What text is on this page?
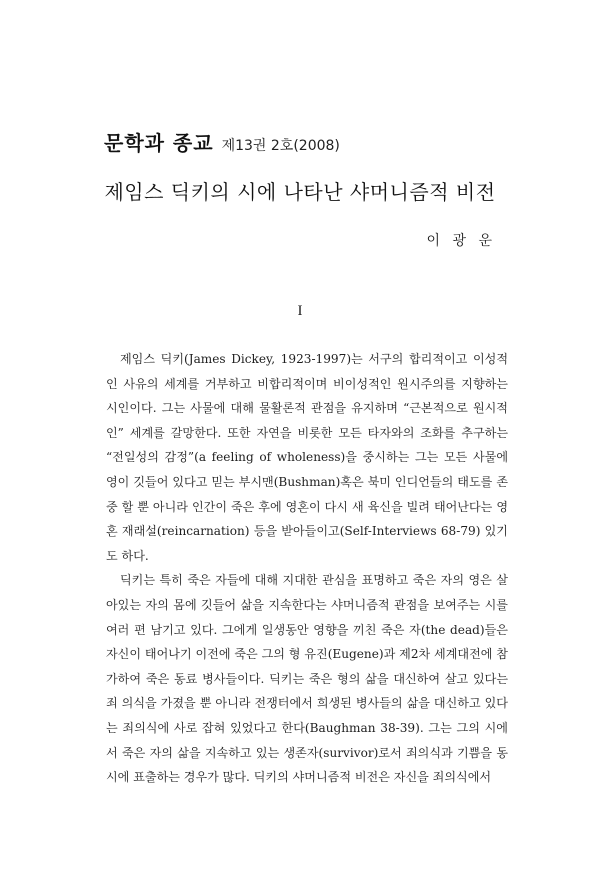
문학과 종교 제13권 2호(2008)
제임스 딕키의 시에 나타난 샤머니즘적 비전
이 광 운
I

제임스 딕키(James Dickey, 1923-1997)는 서구의 합리적이고 이성적인 사유의 세계를 거부하고 비합리적이며 비이성적인 원시주의를 지향하는 시인이다. 그는 사물에 대해 물활론적 관점을 유지하며 “근본적으로 원시적인” 세계를 갈망한다. 또한 자연을 비롯한 모든 타자와의 조화를 추구하는 “전일성의 감정”(a feeling of wholeness)을 중시하는 그는 모든 사물에 영이 깃들어 있다고 믿는 부시맨(Bushman)혹은 북미 인디언들의 태도를 존중 할 뿐 아니라 인간이 죽은 후에 영혼이 다시 새 육신을 빌려 태어난다는 영혼 재래설(reincarnation) 등을 받아들이고(Self-Interviews 68-79) 있기도 하다.

딕키는 특히 죽은 자들에 대해 지대한 관심을 표명하고 죽은 자의 영은 살아있는 자의 몸에 깃들어 삶을 지속한다는 샤머니즘적 관점을 보여주는 시를 여러 편 남기고 있다. 그에게 일생동안 영향을 끼친 죽은 자(the dead)들은 자신이 태어나기 이전에 죽은 그의 형 유진(Eugene)과 제2차 세계대전에 참가하여 죽은 동료 병사들이다. 딕키는 죽은 형의 삶을 대신하여 살고 있다는 죄 의식을 가졌을 뿐 아니라 전쟁터에서 희생된 병사들의 삶을 대신하고 있다는 죄의식에 사로 잡혀 있었다고 한다(Baughman 38-39). 그는 그의 시에서 죽은 자의 삶을 지속하고 있는 생존자(survivor)로서 죄의식과 기쁨을 동시에 표출하는 경우가 많다. 딕키의 샤머니즘적 비전은 자신을 죄의식에서
